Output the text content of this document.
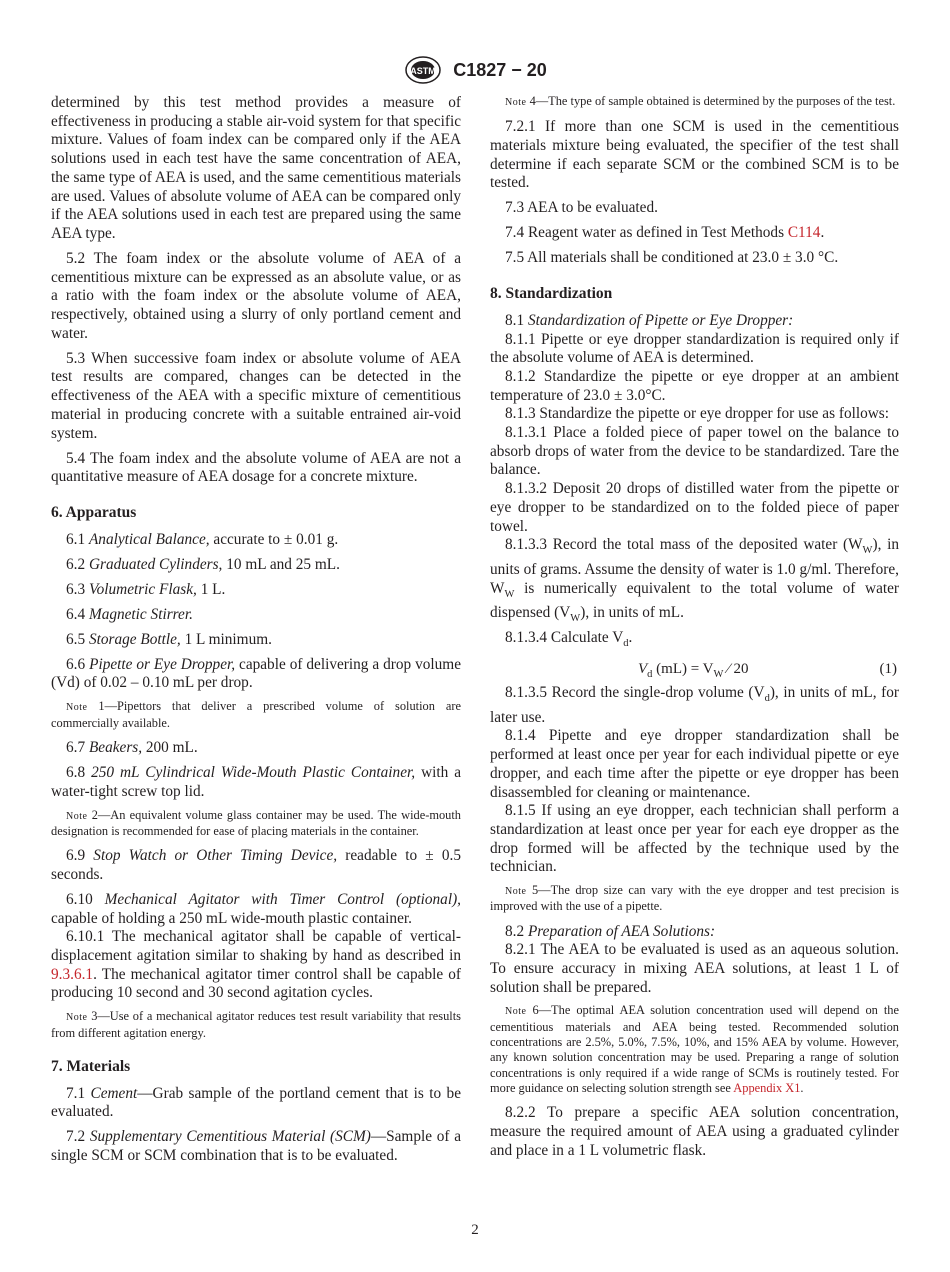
ASTM C1827 − 20

determined by this test method provides a measure of effectiveness in producing a stable air-void system for that specific mixture. Values of foam index can be compared only if the AEA solutions used in each test have the same concentration of AEA, the same type of AEA is used, and the same cementitious materials are used. Values of absolute volume of AEA can be compared only if the AEA solutions used in each test are prepared using the same AEA type.

5.2 The foam index or the absolute volume of AEA of a cementitious mixture can be expressed as an absolute value, or as a ratio with the foam index or the absolute volume of AEA, respectively, obtained using a slurry of only portland cement and water.

5.3 When successive foam index or absolute volume of AEA test results are compared, changes can be detected in the effectiveness of the AEA with a specific mixture of cementitious material in producing concrete with a suitable entrained air-void system.

5.4 The foam index and the absolute volume of AEA are not a quantitative measure of AEA dosage for a concrete mixture.

6. Apparatus

6.1 Analytical Balance, accurate to ± 0.01 g.

6.2 Graduated Cylinders, 10 mL and 25 mL.

6.3 Volumetric Flask, 1 L.

6.4 Magnetic Stirrer.

6.5 Storage Bottle, 1 L minimum.

6.6 Pipette or Eye Dropper, capable of delivering a drop volume (Vd) of 0.02 – 0.10 mL per drop.

Note 1—Pipettors that deliver a prescribed volume of solution are commercially available.

6.7 Beakers, 200 mL.

6.8 250 mL Cylindrical Wide-Mouth Plastic Container, with a water-tight screw top lid.

Note 2—An equivalent volume glass container may be used. The wide-mouth designation is recommended for ease of placing materials in the container.

6.9 Stop Watch or Other Timing Device, readable to ± 0.5 seconds.

6.10 Mechanical Agitator with Timer Control (optional), capable of holding a 250 mL wide-mouth plastic container.

6.10.1 The mechanical agitator shall be capable of vertical-displacement agitation similar to shaking by hand as described in 9.3.6.1. The mechanical agitator timer control shall be capable of producing 10 second and 30 second agitation cycles.

Note 3—Use of a mechanical agitator reduces test result variability that results from different agitation energy.

7. Materials

7.1 Cement—Grab sample of the portland cement that is to be evaluated.

7.2 Supplementary Cementitious Material (SCM)—Sample of a single SCM or SCM combination that is to be evaluated.

Note 4—The type of sample obtained is determined by the purposes of the test.

7.2.1 If more than one SCM is used in the cementitious materials mixture being evaluated, the specifier of the test shall determine if each separate SCM or the combined SCM is to be tested.

7.3 AEA to be evaluated.

7.4 Reagent water as defined in Test Methods C114.

7.5 All materials shall be conditioned at 23.0 ± 3.0 °C.

8. Standardization

8.1 Standardization of Pipette or Eye Dropper:

8.1.1 Pipette or eye dropper standardization is required only if the absolute volume of AEA is determined.

8.1.2 Standardize the pipette or eye dropper at an ambient temperature of 23.0 ± 3.0°C.

8.1.3 Standardize the pipette or eye dropper for use as follows:

8.1.3.1 Place a folded piece of paper towel on the balance to absorb drops of water from the device to be standardized. Tare the balance.

8.1.3.2 Deposit 20 drops of distilled water from the pipette or eye dropper to be standardized on to the folded piece of paper towel.

8.1.3.3 Record the total mass of the deposited water $(W_W)$, in units of grams. Assume the density of water is 1.0 g/ml. Therefore, $W_W$ is numerically equivalent to the total volume of water dispensed $(V_W)$, in units of mL.

8.1.3.4 Calculate $V_d$.

$V_d$ $(mL) = V_W$ ⁄ 20	(1)

8.1.3.5 Record the single-drop volume $(V_d)$, in units of mL, for later use.

8.1.4 Pipette and eye dropper standardization shall be performed at least once per year for each individual pipette or eye dropper, and each time after the pipette or eye dropper has been disassembled for cleaning or maintenance.

8.1.5 If using an eye dropper, each technician shall perform a standardization at least once per year for each eye dropper as the drop formed will be affected by the technique used by the technician.

Note 5—The drop size can vary with the eye dropper and test precision is improved with the use of a pipette.

8.2 Preparation of AEA Solutions:

8.2.1 The AEA to be evaluated is used as an aqueous solution. To ensure accuracy in mixing AEA solutions, at least 1 L of solution shall be prepared.

Note 6—The optimal AEA solution concentration used will depend on the cementitious materials and AEA being tested. Recommended solution concentrations are 2.5%, 5.0%, 7.5%, 10%, and 15% AEA by volume. However, any known solution concentration may be used. Preparing a range of solution concentrations is only required if a wide range of SCMs is routinely tested. For more guidance on selecting solution strength see Appendix X1.

8.2.2 To prepare a specific AEA solution concentration, measure the required amount of AEA using a graduated cylinder and place in a 1 L volumetric flask.

2
